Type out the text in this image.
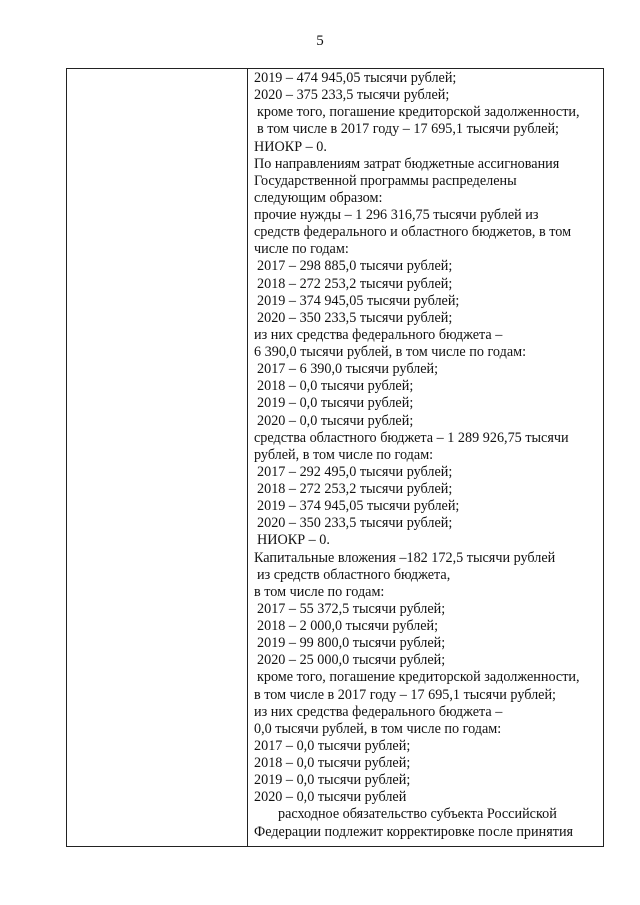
5
2019 – 474 945,05 тысячи рублей;
2020 – 375 233,5 тысячи рублей;
кроме того, погашение кредиторской задолженности,
в том числе в 2017 году – 17 695,1 тысячи рублей;
НИОКР – 0.
По направлениям затрат бюджетные ассигнования
Государственной программы распределены
следующим образом:
прочие нужды – 1 296 316,75 тысячи рублей из
средств федерального и областного бюджетов, в том
числе по годам:
2017 – 298 885,0 тысячи рублей;
2018 – 272 253,2 тысячи рублей;
2019 – 374 945,05 тысячи рублей;
2020 – 350 233,5 тысячи рублей;
из них средства федерального бюджета –
6 390,0 тысячи рублей, в том числе по годам:
2017 – 6 390,0 тысячи рублей;
2018 – 0,0 тысячи рублей;
2019 – 0,0 тысячи рублей;
2020 – 0,0 тысячи рублей;
средства областного бюджета – 1 289 926,75 тысячи
рублей, в том числе по годам:
2017 – 292 495,0 тысячи рублей;
2018 – 272 253,2 тысячи рублей;
2019 – 374 945,05 тысячи рублей;
2020 – 350 233,5 тысячи рублей;
НИОКР – 0.
Капитальные вложения –182 172,5 тысячи рублей
из средств областного бюджета,
в том числе по годам:
2017 – 55 372,5 тысячи рублей;
2018 – 2 000,0 тысячи рублей;
2019 – 99 800,0 тысячи рублей;
2020 – 25 000,0 тысячи рублей;
кроме того, погашение кредиторской задолженности,
в том числе в 2017 году – 17 695,1 тысячи рублей;
из них средства федерального бюджета –
0,0 тысячи рублей, в том числе по годам:
2017 – 0,0 тысячи рублей;
2018 – 0,0 тысячи рублей;
2019 – 0,0 тысячи рублей;
2020 – 0,0 тысячи рублей
расходное обязательство субъекта Российской
Федерации подлежит корректировке после принятия
